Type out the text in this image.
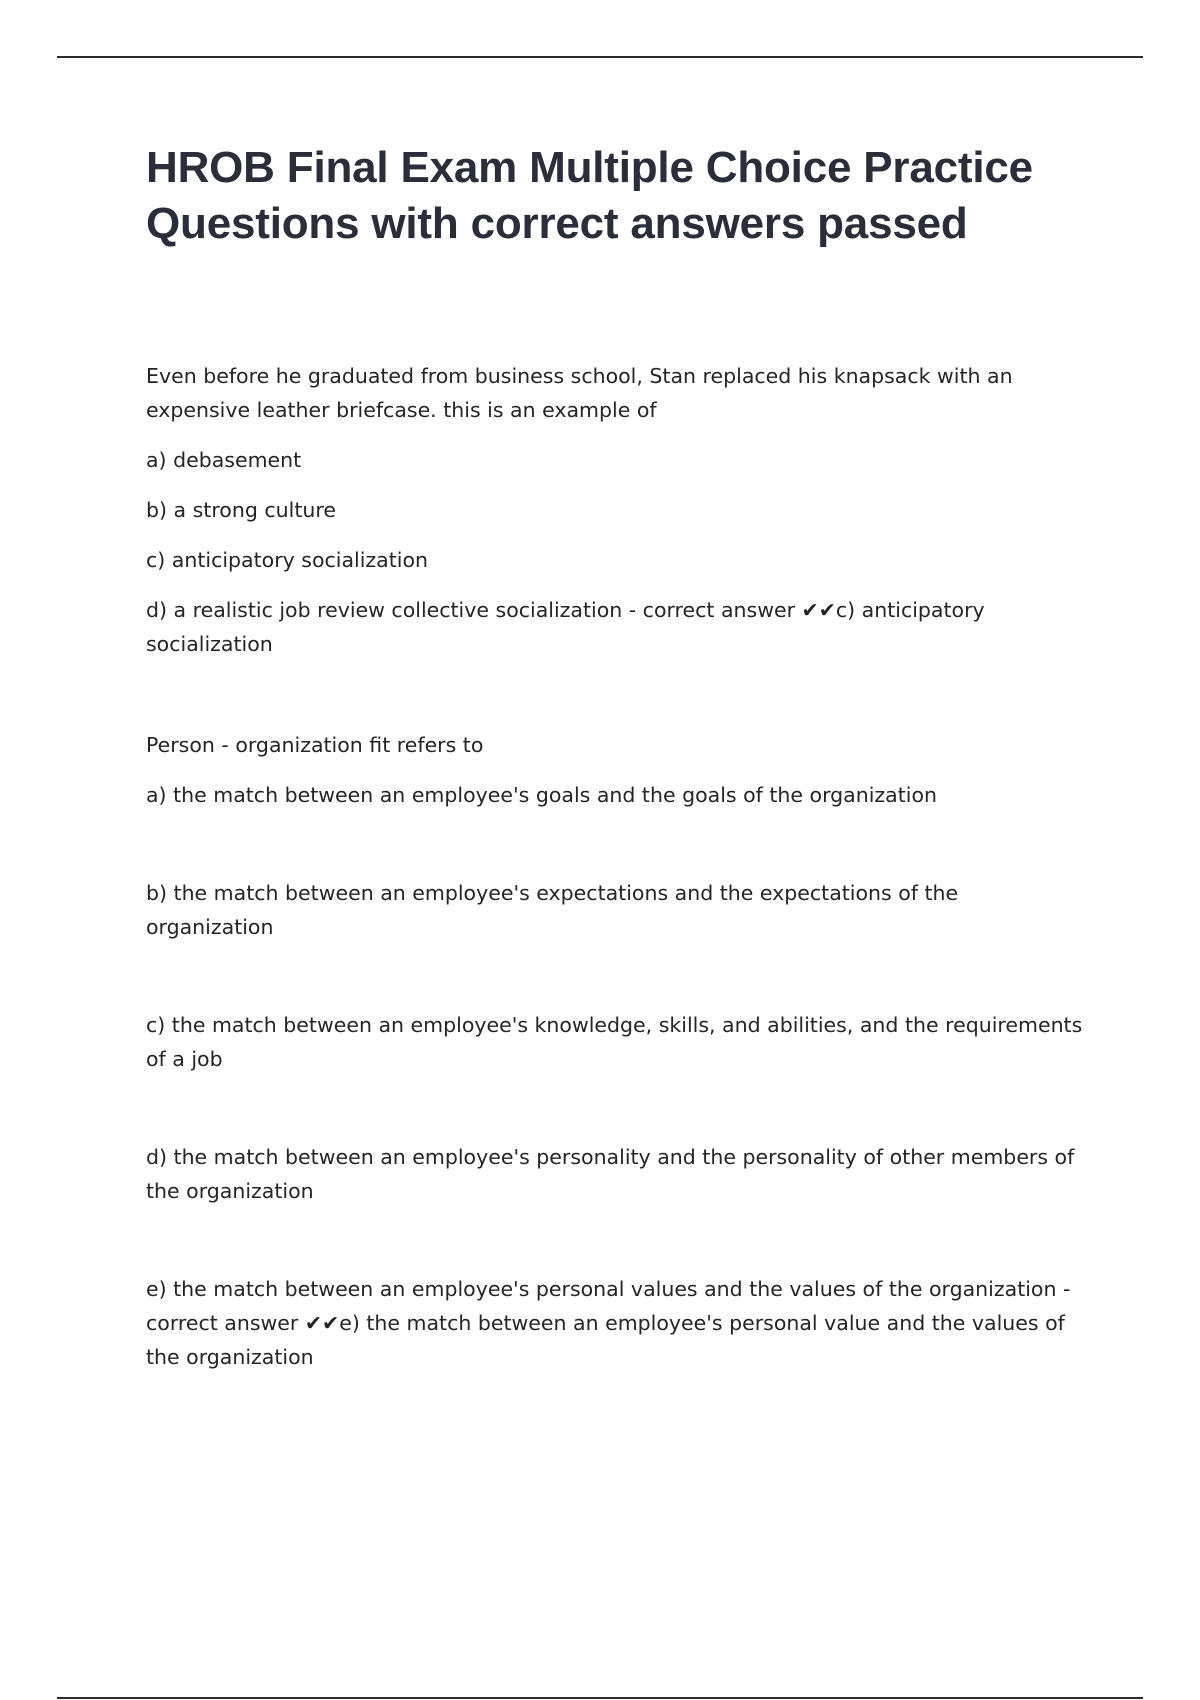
HROB Final Exam Multiple Choice Practice Questions with correct answers passed

Even before he graduated from business school, Stan replaced his knapsack with an expensive leather briefcase. this is an example of

a) debasement

b) a strong culture

c) anticipatory socialization

d) a realistic job review collective socialization - correct answer ✔✔c) anticipatory socialization

Person - organization fit refers to

a) the match between an employee's goals and the goals of the organization

b) the match between an employee's expectations and the expectations of the organization

c) the match between an employee's knowledge, skills, and abilities, and the requirements of a job

d) the match between an employee's personality and the personality of other members of the organization

e) the match between an employee's personal values and the values of the organization - correct answer ✔✔e) the match between an employee's personal value and the values of the organization
